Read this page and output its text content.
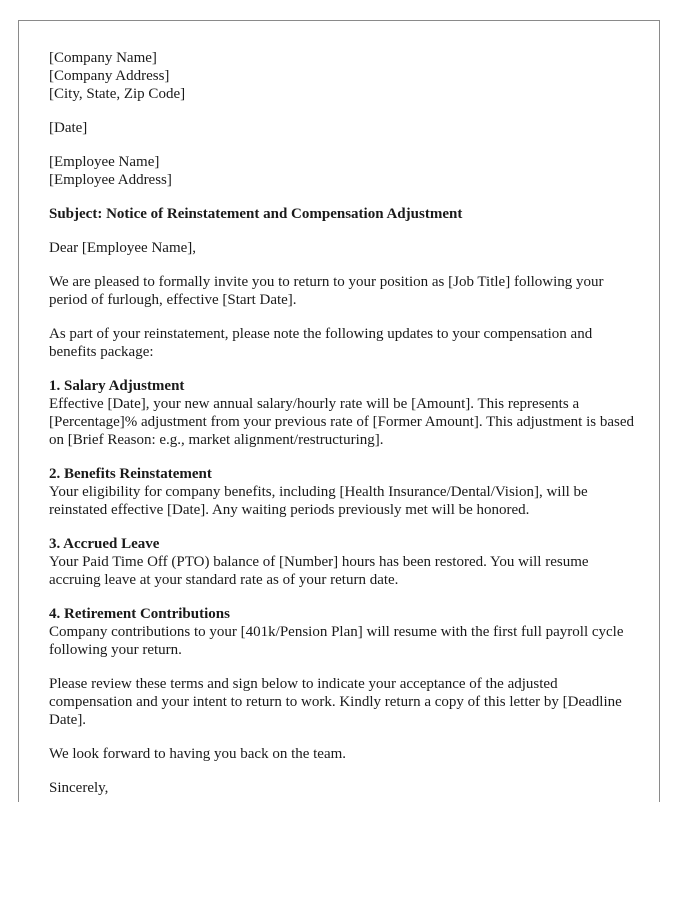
[Company Name]
[Company Address]
[City, State, Zip Code]
[Date]
[Employee Name]
[Employee Address]

Subject: Notice of Reinstatement and Compensation Adjustment

Dear [Employee Name],

We are pleased to formally invite you to return to your position as [Job Title] following your period of furlough, effective [Start Date].

As part of your reinstatement, please note the following updates to your compensation and benefits package:

1. Salary Adjustment

Effective [Date], your new annual salary/hourly rate will be [Amount]. This represents a [Percentage]% adjustment from your previous rate of [Former Amount]. This adjustment is based on [Brief Reason: e.g., market alignment/restructuring].

2. Benefits Reinstatement

Your eligibility for company benefits, including [Health Insurance/Dental/Vision], will be reinstated effective [Date]. Any waiting periods previously met will be honored.

3. Accrued Leave

Your Paid Time Off (PTO) balance of [Number] hours has been restored. You will resume accruing leave at your standard rate as of your return date.

4. Retirement Contributions

Company contributions to your [401k/Pension Plan] will resume with the first full payroll cycle following your return.

Please review these terms and sign below to indicate your acceptance of the adjusted compensation and your intent to return to work. Kindly return a copy of this letter by [Deadline Date].

We look forward to having you back on the team.

Sincerely,
